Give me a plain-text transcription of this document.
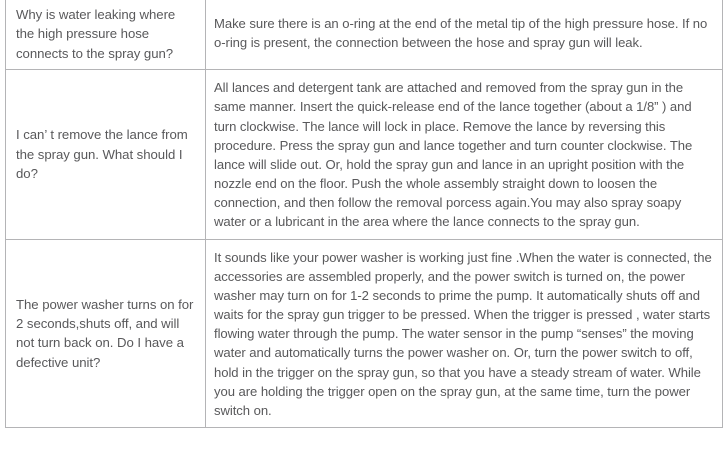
Why is water leaking where the high pressure hose connects to the spray gun?	Make sure there is an o-ring at the end of the metal tip of the high pressure hose. If no o-ring is present, the connection between the hose and spray gun will leak.

I can’ t remove the lance from the spray gun. What should I do?	All lances and detergent tank are attached and removed from the spray gun in the same manner. Insert the quick-release end of the lance together (about a 1/8” ) and turn clockwise. The lance will lock in place. Remove the lance by reversing this procedure. Press the spray gun and lance together and turn counter clockwise. The lance will slide out. Or, hold the spray gun and lance in an upright position with the nozzle end on the floor. Push the whole assembly straight down to loosen the connection, and then follow the removal porcess again.You may also spray soapy water or a lubricant in the area where the lance connects to the spray gun.

The power washer turns on for 2 seconds,shuts off, and will not turn back on. Do I have a defective unit?	It sounds like your power washer is working just fine .When the water is connected, the accessories are assembled properly, and the power switch is turned on, the power washer may turn on for 1-2 seconds to prime the pump. It automatically shuts off and waits for the spray gun trigger to be pressed. When the trigger is pressed , water starts flowing water through the pump. The water sensor in the pump “senses” the moving water and automatically turns the power washer on. Or, turn the power switch to off, hold in the trigger on the spray gun, so that you have a steady stream of water. While you are holding the trigger open on the spray gun, at the same time, turn the power switch on.
